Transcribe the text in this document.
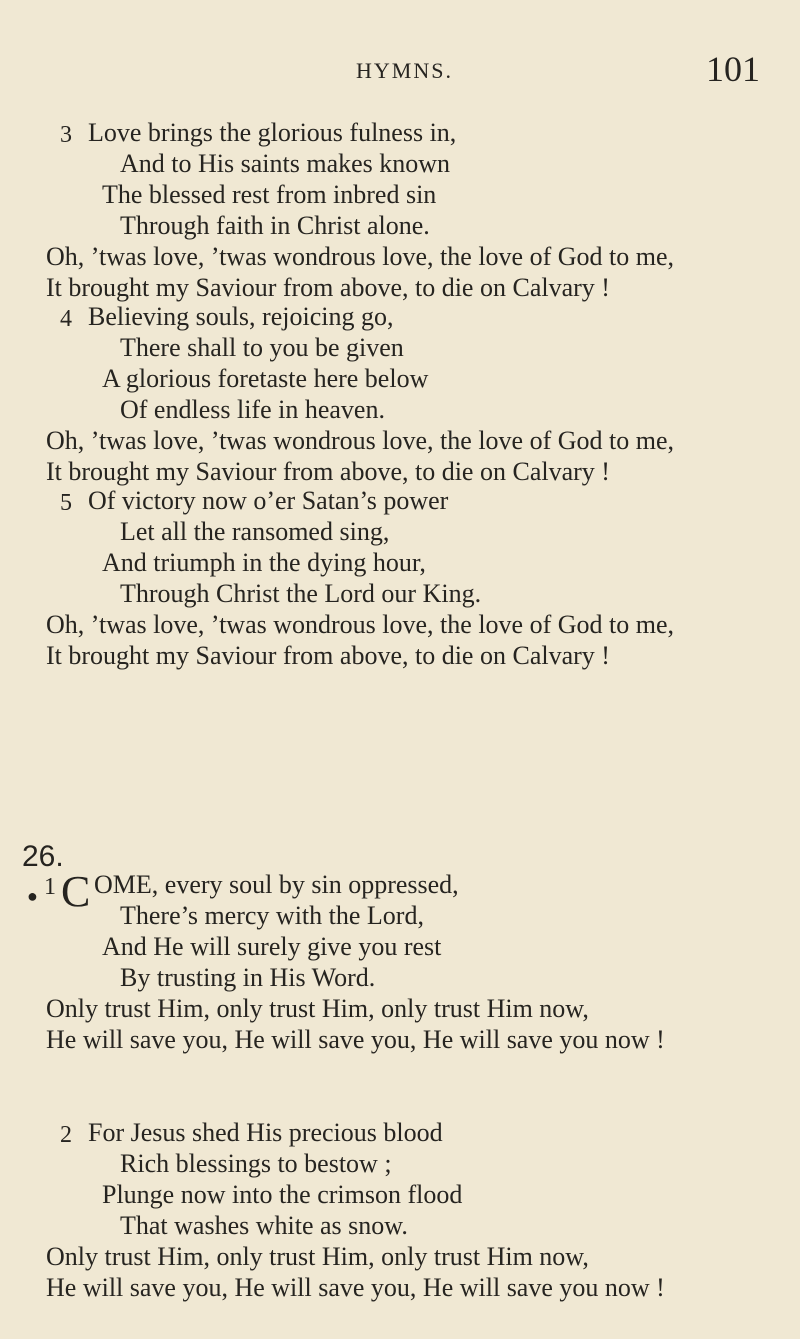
HYMNS.	101
3 Love brings the glorious fulness in,
And to His saints makes known
The blessed rest from inbred sin
Through faith in Christ alone.
Oh, ’twas love, ’twas wondrous love, the love of God to me,
It brought my Saviour from above, to die on Calvary !
4 Believing souls, rejoicing go,
There shall to you be given
A glorious foretaste here below
Of endless life in heaven.
Oh, ’twas love, ’twas wondrous love, the love of God to me,
It brought my Saviour from above, to die on Calvary !
5 Of victory now o’er Satan’s power
Let all the ransomed sing,
And triumph in the dying hour,
Through Christ the Lord our King.
Oh, ’twas love, ’twas wondrous love, the love of God to me,
It brought my Saviour from above, to die on Calvary !
26.
● 1 C OME, every soul by sin oppressed,
There’s mercy with the Lord,
And He will surely give you rest
By trusting in His Word.
Only trust Him, only trust Him, only trust Him now,
He will save you, He will save you, He will save you now !
2 For Jesus shed His precious blood
Rich blessings to bestow ;
Plunge now into the crimson flood
That washes white as snow.
Only trust Him, only trust Him, only trust Him now,
He will save you, He will save you, He will save you now !
